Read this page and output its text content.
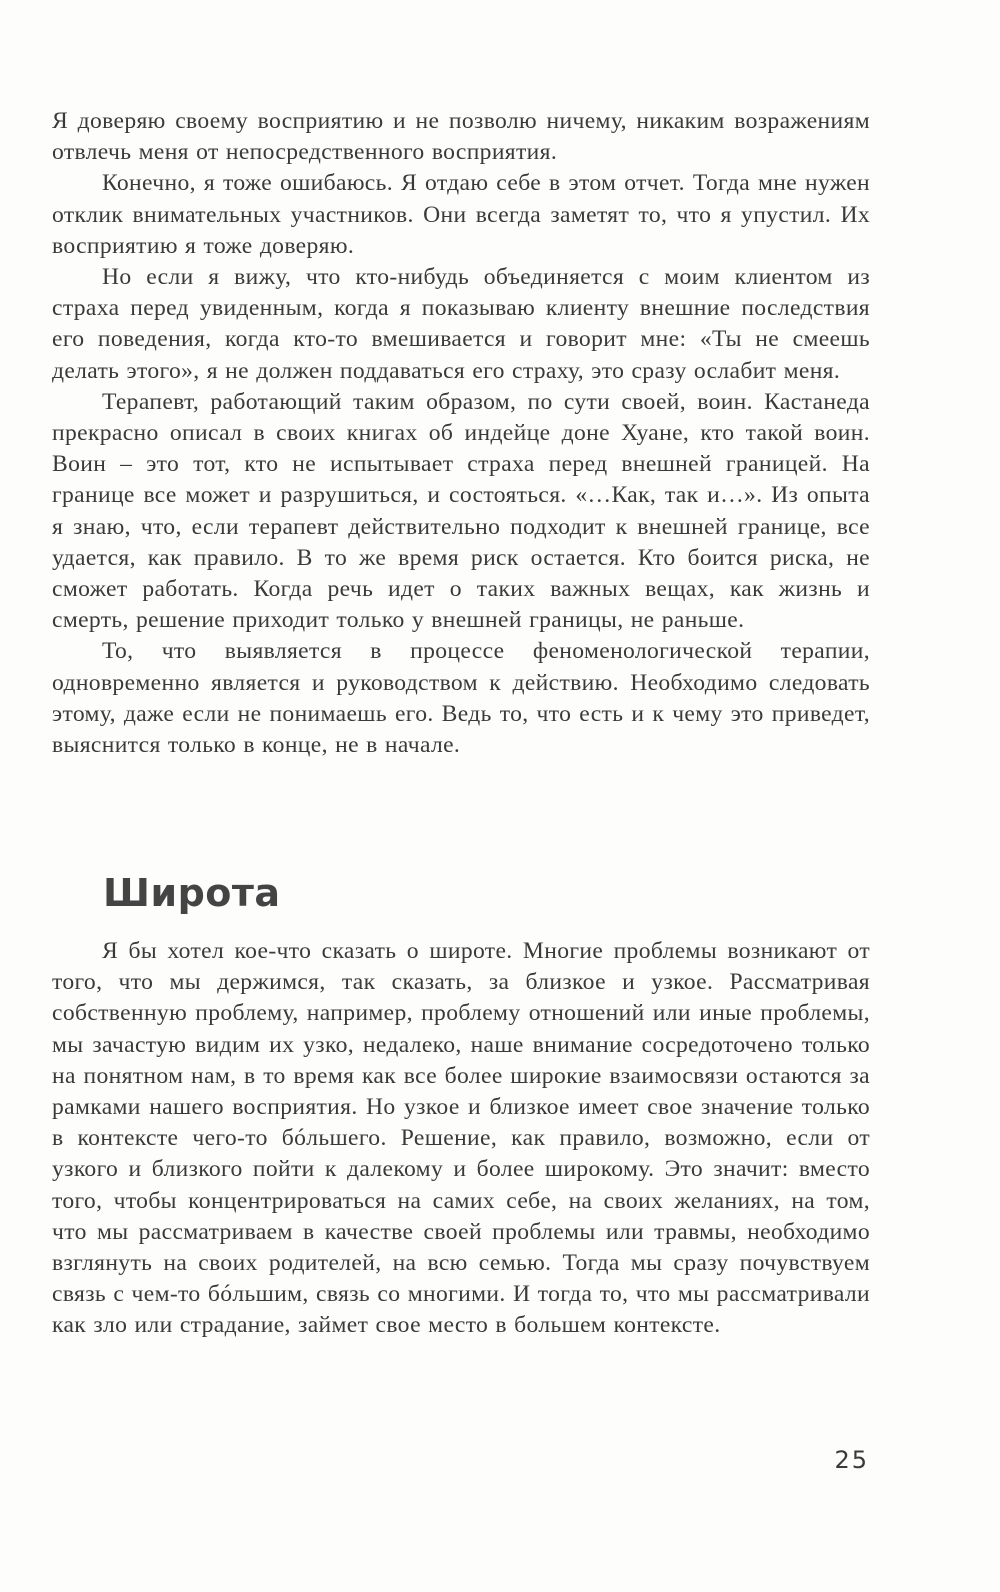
Я доверяю своему восприятию и не позволю ничему, никаким возражениям отвлечь меня от непосредственного восприятия.

Конечно, я тоже ошибаюсь. Я отдаю себе в этом отчет. Тогда мне нужен отклик внимательных участников. Они всегда заметят то, что я упустил. Их восприятию я тоже доверяю.

Но если я вижу, что кто-нибудь объединяется с моим клиентом из страха перед увиденным, когда я показываю клиенту внешние последствия его поведения, когда кто-то вмешивается и говорит мне: «Ты не смеешь делать этого», я не должен поддаваться его страху, это сразу ослабит меня.

Терапевт, работающий таким образом, по сути своей, воин. Кастанеда прекрасно описал в своих книгах об индейце доне Хуане, кто такой воин. Воин – это тот, кто не испытывает страха перед внешней границей. На границе все может и разрушиться, и состояться. «…Как, так и…». Из опыта я знаю, что, если терапевт действительно подходит к внешней границе, все удается, как правило. В то же время риск остается. Кто боится риска, не сможет работать. Когда речь идет о таких важных вещах, как жизнь и смерть, решение приходит только у внешней границы, не раньше.

То, что выявляется в процессе феноменологической терапии, одновременно является и руководством к действию. Необходимо следовать этому, даже если не понимаешь его. Ведь то, что есть и к чему это приведет, выяснится только в конце, не в начале.

Широта

Я бы хотел кое-что сказать о широте. Многие проблемы возникают от того, что мы держимся, так сказать, за близкое и узкое. Рассматривая собственную проблему, например, проблему отношений или иные проблемы, мы зачастую видим их узко, недалеко, наше внимание сосредоточено только на понятном нам, в то время как все более широкие взаимосвязи остаются за рамками нашего восприятия. Но узкое и близкое имеет свое значение только в контексте чего-то бóльшего. Решение, как правило, возможно, если от узкого и близкого пойти к далекому и более широкому. Это значит: вместо того, чтобы концентрироваться на самих себе, на своих желаниях, на том, что мы рассматриваем в качестве своей проблемы или травмы, необходимо взглянуть на своих родителей, на всю семью. Тогда мы сразу почувствуем связь с чем-то бóльшим, связь со многими. И тогда то, что мы рассматривали как зло или страдание, займет свое место в большем контексте.

25
